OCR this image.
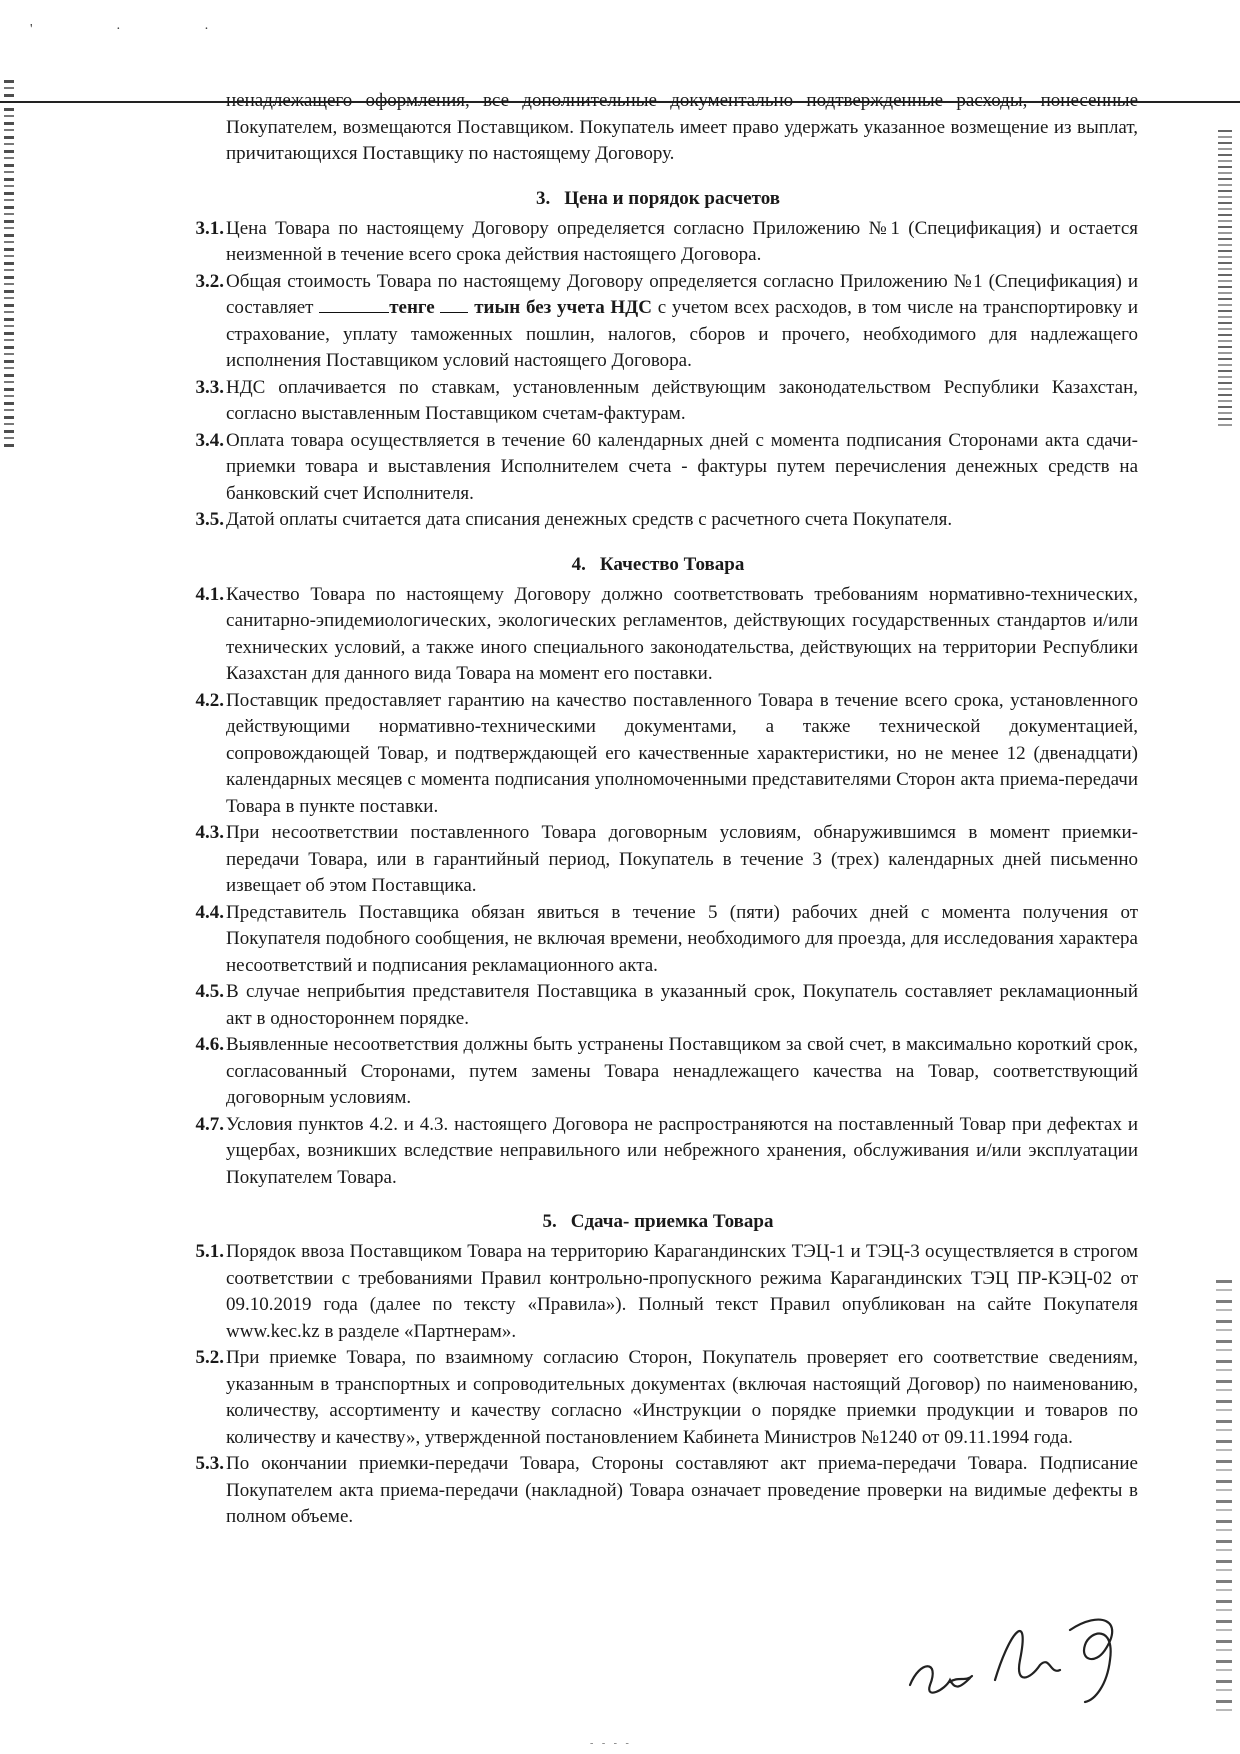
' · ·

ненадлежащего оформления, все дополнительные документально подтвержденные расходы, понесенные Покупателем, возмещаются Поставщиком. Покупатель имеет право удержать указанное возмещение из выплат, причитающихся Поставщику по настоящему Договору.

3. Цена и порядок расчетов
3.1. Цена Товара по настоящему Договору определяется согласно Приложению №1 (Спецификация) и остается неизменной в течение всего срока действия настоящего Договора.
3.2. Общая стоимость Товара по настоящему Договору определяется согласно Приложению №1 (Спецификация) и составляет	тенге тиын без учета НДС с учетом всех расходов, в том числе на транспортировку и страхование, уплату таможенных пошлин, налогов, сборов и прочего, необходимого для надлежащего исполнения Поставщиком условий настоящего Договора.
3.3. НДС оплачивается по ставкам, установленным действующим законодательством Республики Казахстан, согласно выставленным Поставщиком счетам-фактурам.
3.4. Оплата товара осуществляется в течение 60 календарных дней с момента подписания Сторонами акта сдачи-приемки товара и выставления Исполнителем счета - фактуры путем перечисления денежных средств на банковский счет Исполнителя.
3.5. Датой оплаты считается дата списания денежных средств с расчетного счета Покупателя.
4. Качество Товара
4.1. Качество Товара по настоящему Договору должно соответствовать требованиям нормативно-технических, санитарно-эпидемиологических, экологических регламентов, действующих государственных стандартов и/или технических условий, а также иного специального законодательства, действующих на территории Республики Казахстан для данного вида Товара на момент его поставки.
4.2. Поставщик предоставляет гарантию на качество поставленного Товара в течение всего срока, установленного действующими нормативно-техническими документами, а также технической документацией, сопровождающей Товар, и подтверждающей его качественные характеристики, но не менее 12 (двенадцати) календарных месяцев с момента подписания уполномоченными представителями Сторон акта приема-передачи Товара в пункте поставки.
4.3. При несоответствии поставленного Товара договорным условиям, обнаружившимся в момент приемки-передачи Товара, или в гарантийный период, Покупатель в течение 3 (трех) календарных дней письменно извещает об этом Поставщика.
4.4. Представитель Поставщика обязан явиться в течение 5 (пяти) рабочих дней с момента получения от Покупателя подобного сообщения, не включая времени, необходимого для проезда, для исследования характера несоответствий и подписания рекламационного акта.
4.5. В случае неприбытия представителя Поставщика в указанный срок, Покупатель составляет рекламационный акт в одностороннем порядке.
4.6. Выявленные несоответствия должны быть устранены Поставщиком за свой счет, в максимально короткий срок, согласованный Сторонами, путем замены Товара ненадлежащего качества на Товар, соответствующий договорным условиям.
4.7. Условия пунктов 4.2. и 4.3. настоящего Договора не распространяются на поставленный Товар при дефектах и ущербах, возникших вследствие неправильного или небрежного хранения, обслуживания и/или эксплуатации Покупателем Товара.
5. Сдача- приемка Товара
5.1. Порядок ввоза Поставщиком Товара на территорию Карагандинских ТЭЦ-1 и ТЭЦ-3 осуществляется в строгом соответствии с требованиями Правил контрольно-пропускного режима Карагандинских ТЭЦ ПР-КЭЦ-02 от 09.10.2019 года (далее по тексту «Правила»). Полный текст Правил опубликован на сайте Покупателя www.kec.kz в разделе «Партнерам».
5.2. При приемке Товара, по взаимному согласию Сторон, Покупатель проверяет его соответствие сведениям, указанным в транспортных и сопроводительных документах (включая настоящий Договор) по наименованию, количеству, ассортименту и качеству согласно «Инструкции о порядке приемки продукции и товаров по количеству и качеству», утвержденной постановлением Кабинета Министров №1240 от 09.11.1994 года.
5.3. По окончании приемки-передачи Товара, Стороны составляют акт приема-передачи Товара. Подписание Покупателем акта приема-передачи (накладной) Товара означает проведение проверки на видимые дефекты в полном объеме.
- - - -
